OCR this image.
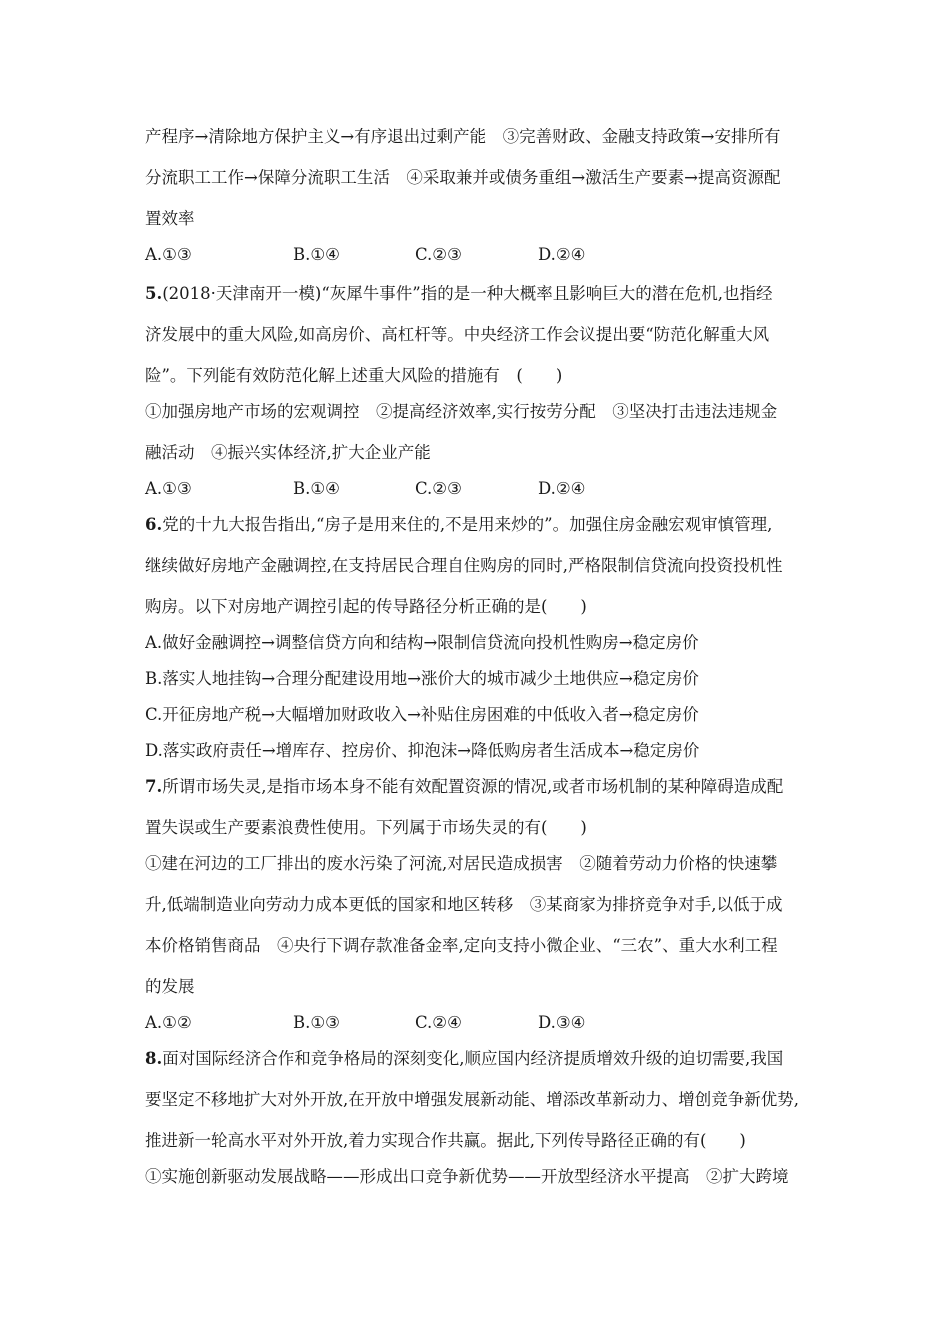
产程序→清除地方保护主义→有序退出过剩产能　③完善财政、金融支持政策→安排所有
分流职工工作→保障分流职工生活　④采取兼并或债务重组→激活生产要素→提高资源配
置效率
A.①③	B.①④	C.②③	D.②④
5.(2018·天津南开一模)“灰犀牛事件”指的是一种大概率且影响巨大的潜在危机,也指经
济发展中的重大风险,如高房价、高杠杆等。中央经济工作会议提出要“防范化解重大风
险”。下列能有效防范化解上述重大风险的措施有　(　　)
①加强房地产市场的宏观调控　②提高经济效率,实行按劳分配　③坚决打击违法违规金
融活动　④振兴实体经济,扩大企业产能
A.①③	B.①④	C.②③	D.②④
6.党的十九大报告指出,“房子是用来住的,不是用来炒的”。加强住房金融宏观审慎管理,
继续做好房地产金融调控,在支持居民合理自住购房的同时,严格限制信贷流向投资投机性
购房。以下对房地产调控引起的传导路径分析正确的是(　　)
A.做好金融调控→调整信贷方向和结构→限制信贷流向投机性购房→稳定房价
B.落实人地挂钩→合理分配建设用地→涨价大的城市减少土地供应→稳定房价
C.开征房地产税→大幅增加财政收入→补贴住房困难的中低收入者→稳定房价
D.落实政府责任→增库存、控房价、抑泡沫→降低购房者生活成本→稳定房价
7.所谓市场失灵,是指市场本身不能有效配置资源的情况,或者市场机制的某种障碍造成配
置失误或生产要素浪费性使用。下列属于市场失灵的有(　　)
①建在河边的工厂排出的废水污染了河流,对居民造成损害　②随着劳动力价格的快速攀
升,低端制造业向劳动力成本更低的国家和地区转移　③某商家为排挤竞争对手,以低于成
本价格销售商品　④央行下调存款准备金率,定向支持小微企业、“三农”、重大水利工程
的发展
A.①②	B.①③	C.②④	D.③④
8.面对国际经济合作和竞争格局的深刻变化,顺应国内经济提质增效升级的迫切需要,我国
要坚定不移地扩大对外开放,在开放中增强发展新动能、增添改革新动力、增创竞争新优势,
推进新一轮高水平对外开放,着力实现合作共赢。据此,下列传导路径正确的有(　　)
①实施创新驱动发展战略——形成出口竞争新优势——开放型经济水平提高　②扩大跨境
